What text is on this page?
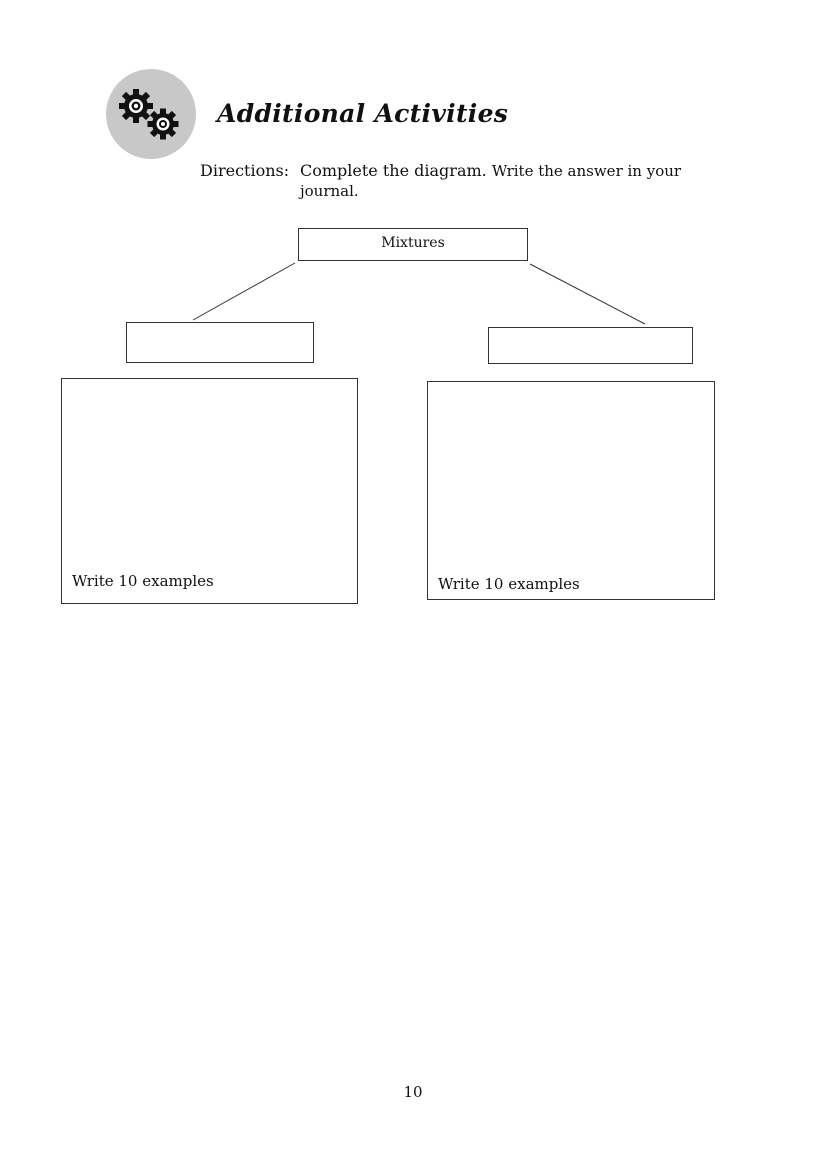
Additional Activities
Directions: Complete the diagram. Write the answer in your journal.
Mixtures
Write 10 examples	Write 10 examples
10
